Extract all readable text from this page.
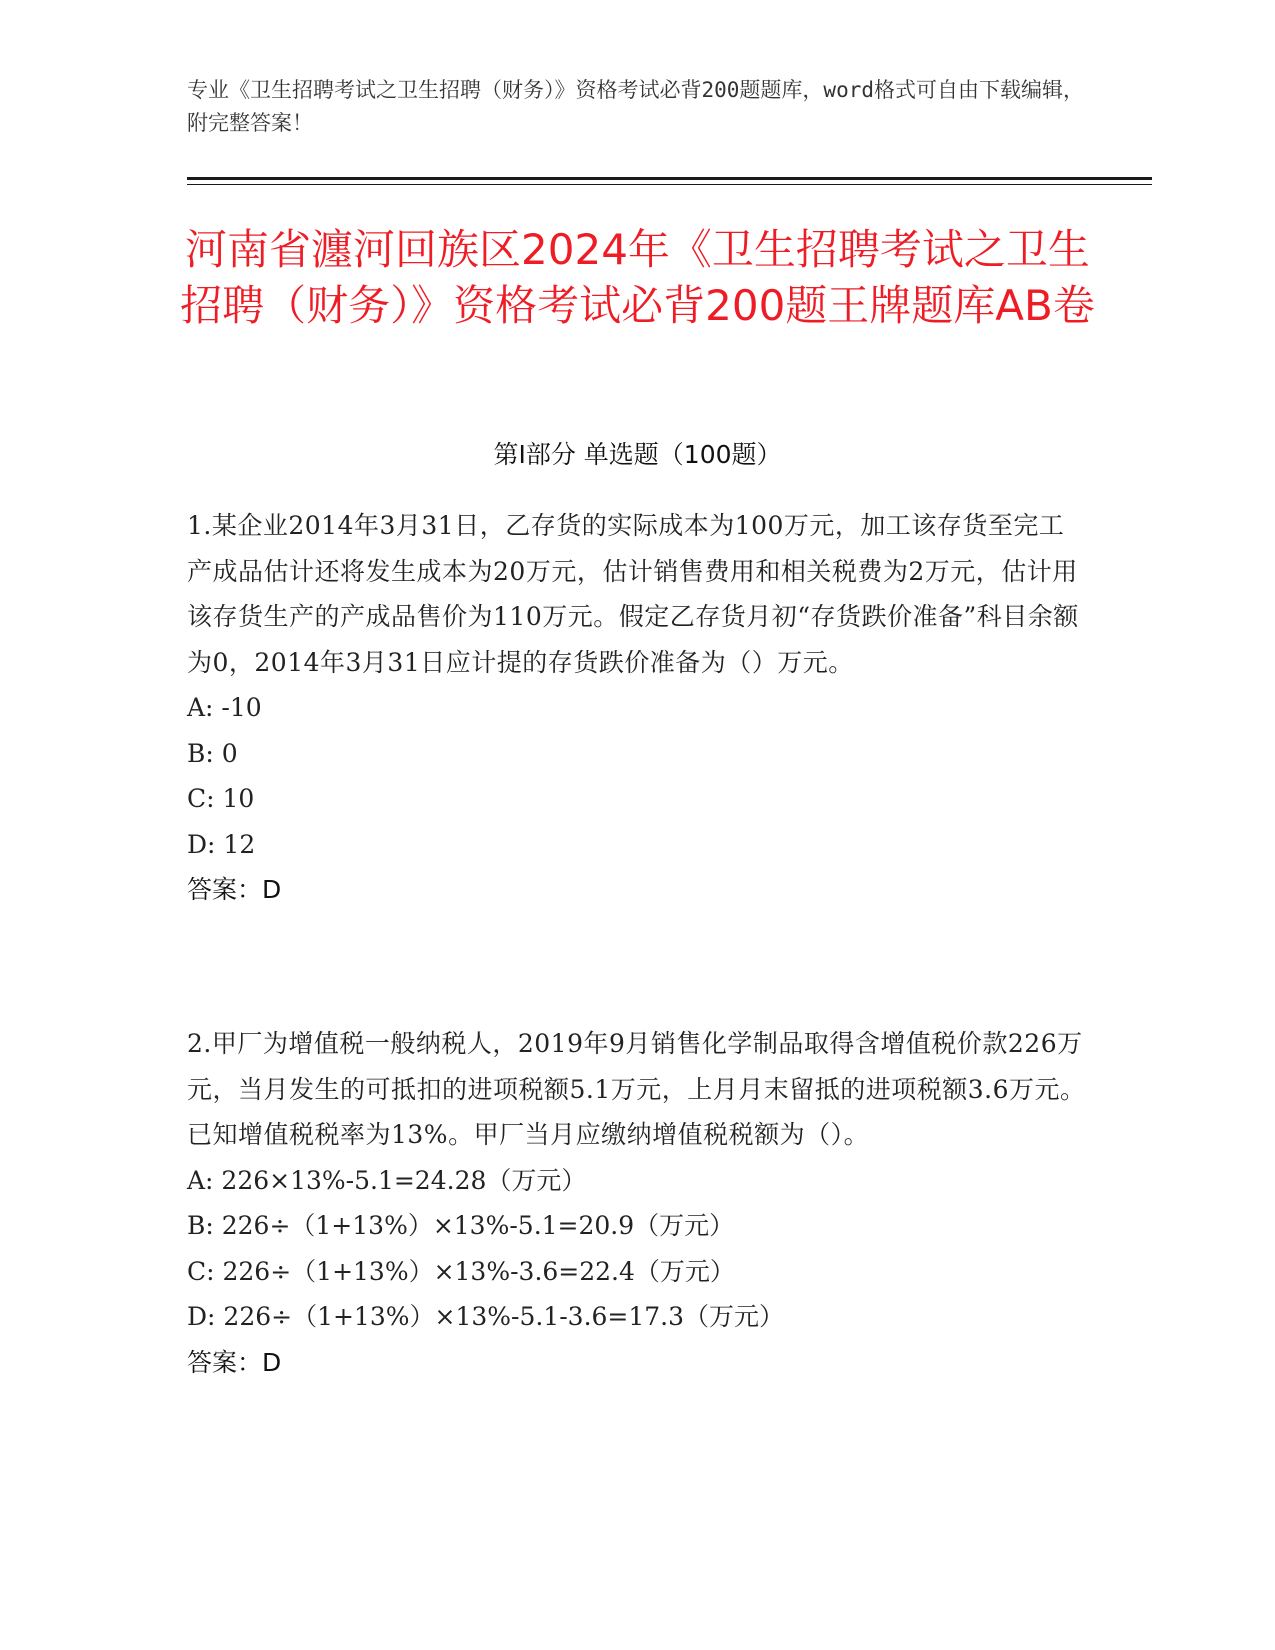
专业《卫生招聘考试之卫生招聘（财务）》资格考试必背200题题库，word格式可自由下载编辑，附完整答案！
河南省瀍河回族区2024年《卫生招聘考试之卫生招聘（财务）》资格考试必背200题王牌题库AB卷
第Ⅰ部分 单选题（100题）
1.某企业2014年3月31日，乙存货的实际成本为100万元，加工该存货至完工产成品估计还将发生成本为20万元，估计销售费用和相关税费为2万元，估计用该存货生产的产成品售价为110万元。假定乙存货月初“存货跌价准备”科目余额为0，2014年3月31日应计提的存货跌价准备为（）万元。
A: -10
B: 0
C: 10
D: 12
答案：D
2.甲厂为增值税一般纳税人，2019年9月销售化学制品取得含增值税价款226万元，当月发生的可抵扣的进项税额5.1万元，上月月末留抵的进项税额3.6万元。已知增值税税率为13%。甲厂当月应缴纳增值税税额为（）。
A: 226×13%-5.1=24.28（万元）
B: 226÷（1+13%）×13%-5.1=20.9（万元）
C: 226÷（1+13%）×13%-3.6=22.4（万元）
D: 226÷（1+13%）×13%-5.1-3.6=17.3（万元）
答案：D
